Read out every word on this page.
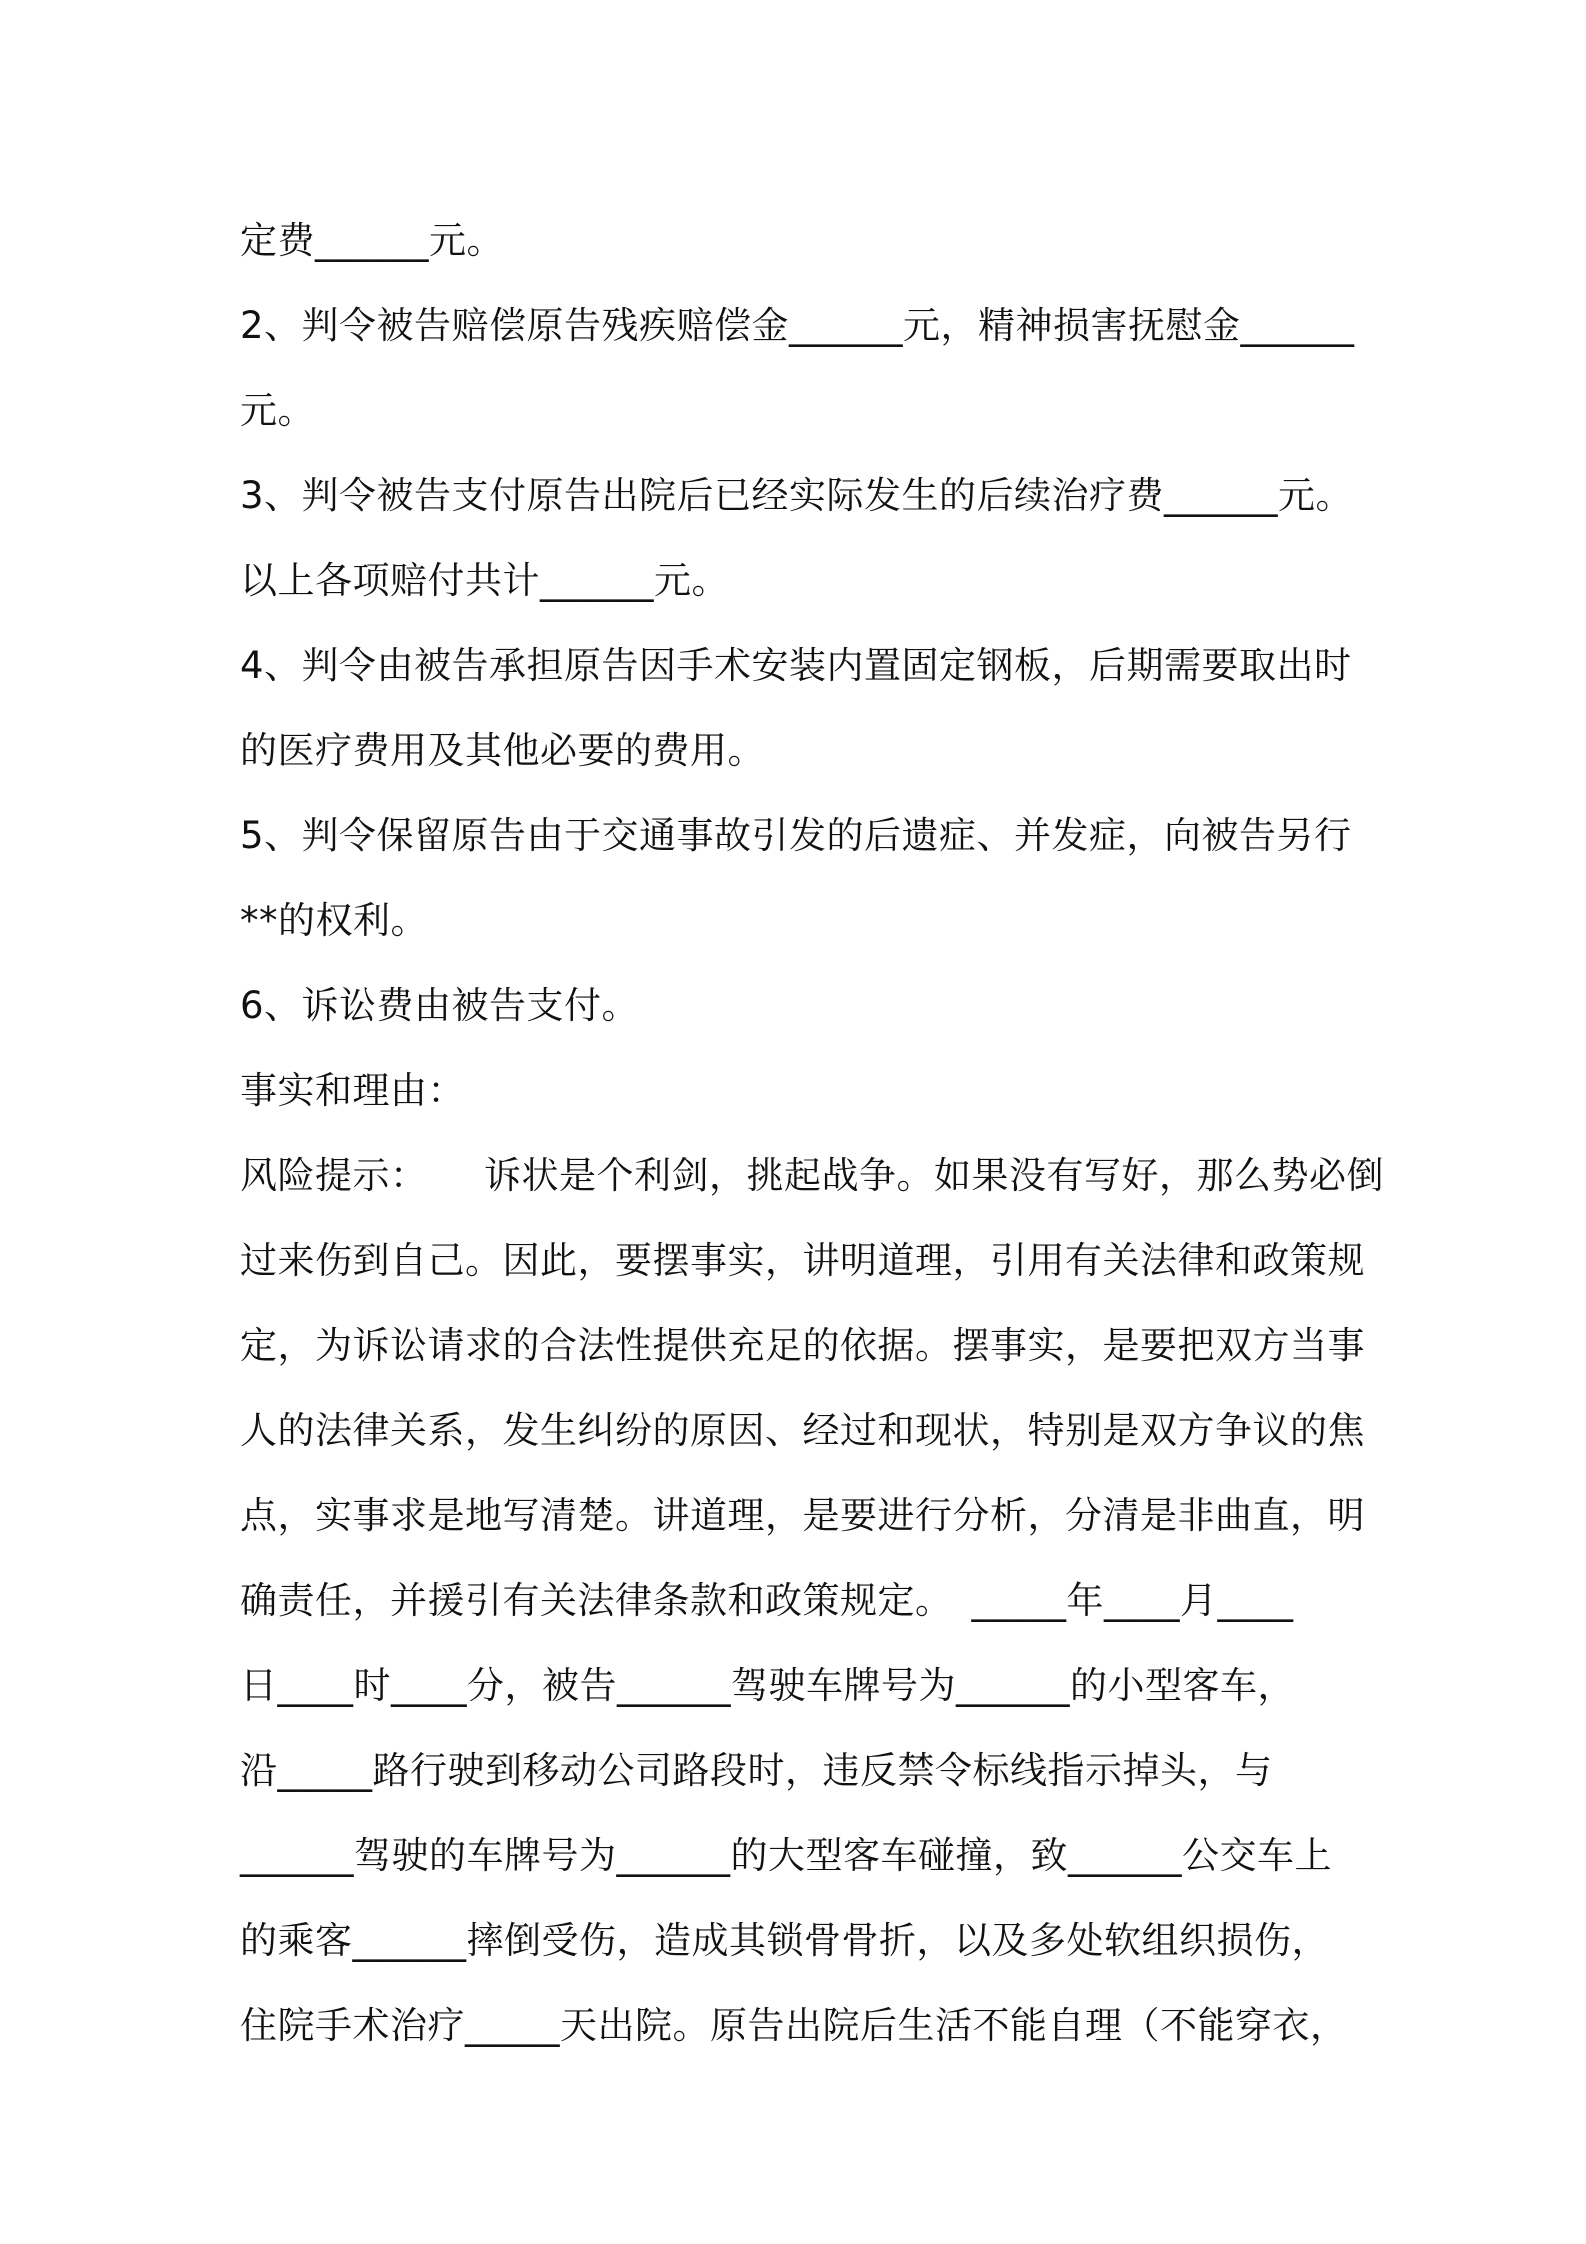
定费______元。
2、判令被告赔偿原告残疾赔偿金______元，精神损害抚慰金______
元。
3、判令被告支付原告出院后已经实际发生的后续治疗费______元。
以上各项赔付共计______元。
4、判令由被告承担原告因手术安装内置固定钢板，后期需要取出时
的医疗费用及其他必要的费用。
5、判令保留原告由于交通事故引发的后遗症、并发症，向被告另行
**的权利。
6、诉讼费由被告支付。
事实和理由：
风险提示：　　诉状是个利剑，挑起战争。如果没有写好，那么势必倒
过来伤到自己。因此，要摆事实，讲明道理，引用有关法律和政策规
定，为诉讼请求的合法性提供充足的依据。摆事实，是要把双方当事
人的法律关系，发生纠纷的原因、经过和现状，特别是双方争议的焦
点，实事求是地写清楚。讲道理，是要进行分析，分清是非曲直，明
确责任，并援引有关法律条款和政策规定。　_____年____月____
日____时____分，被告______驾驶车牌号为______的小型客车，
沿_____路行驶到移动公司路段时，违反禁令标线指示掉头，与
______驾驶的车牌号为______的大型客车碰撞，致______公交车上
的乘客______摔倒受伤，造成其锁骨骨折，以及多处软组织损伤，
住院手术治疗_____天出院。原告出院后生活不能自理（不能穿衣，
